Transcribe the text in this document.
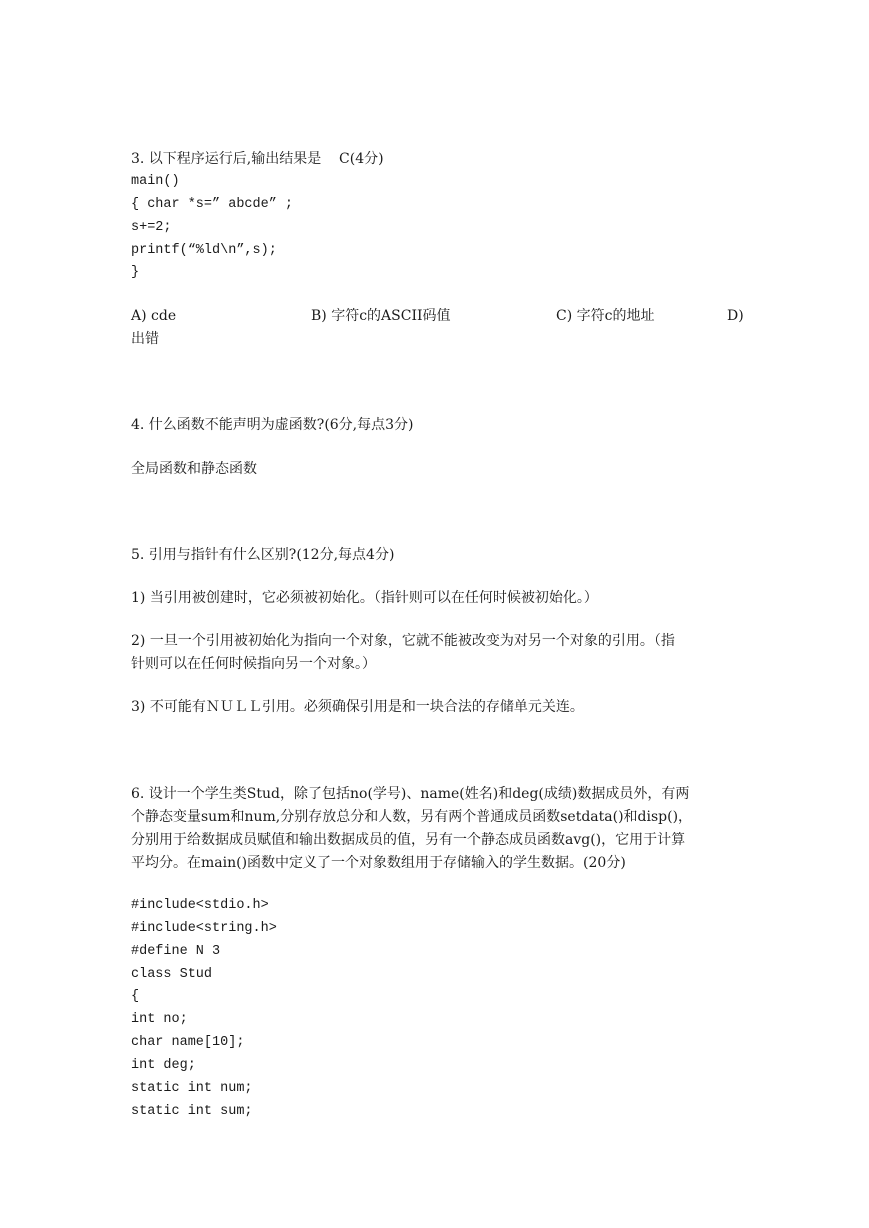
3. 以下程序运行后,输出结果是    C(4分)
main()
{ char *s=” abcde” ;
s+=2;
printf(“%ld\n”,s);
}
A) cde	B) 字符c的ASCII码值	C) 字符c的地址	D)
出错
4. 什么函数不能声明为虚函数?(6分,每点3分)
全局函数和静态函数
5. 引用与指针有什么区别?(12分,每点4分)
1) 当引用被创建时，它必须被初始化。（指针则可以在任何时候被初始化。）
2) 一旦一个引用被初始化为指向一个对象，它就不能被改变为对另一个对象的引用。（指
针则可以在任何时候指向另一个对象。）
3) 不可能有ＮＵＬＬ引用。必须确保引用是和一块合法的存储单元关连。
6. 设计一个学生类Stud，除了包括no(学号)、name(姓名)和deg(成绩)数据成员外，有两
个静态变量sum和num,分别存放总分和人数，另有两个普通成员函数setdata()和disp()，
分别用于给数据成员赋值和输出数据成员的值，另有一个静态成员函数avg()，它用于计算
平均分。在main()函数中定义了一个对象数组用于存储输入的学生数据。(20分)
#include<stdio.h>
#include<string.h>
#define N 3
class Stud
{
int no;
char name[10];
int deg;
static int num;
static int sum;
